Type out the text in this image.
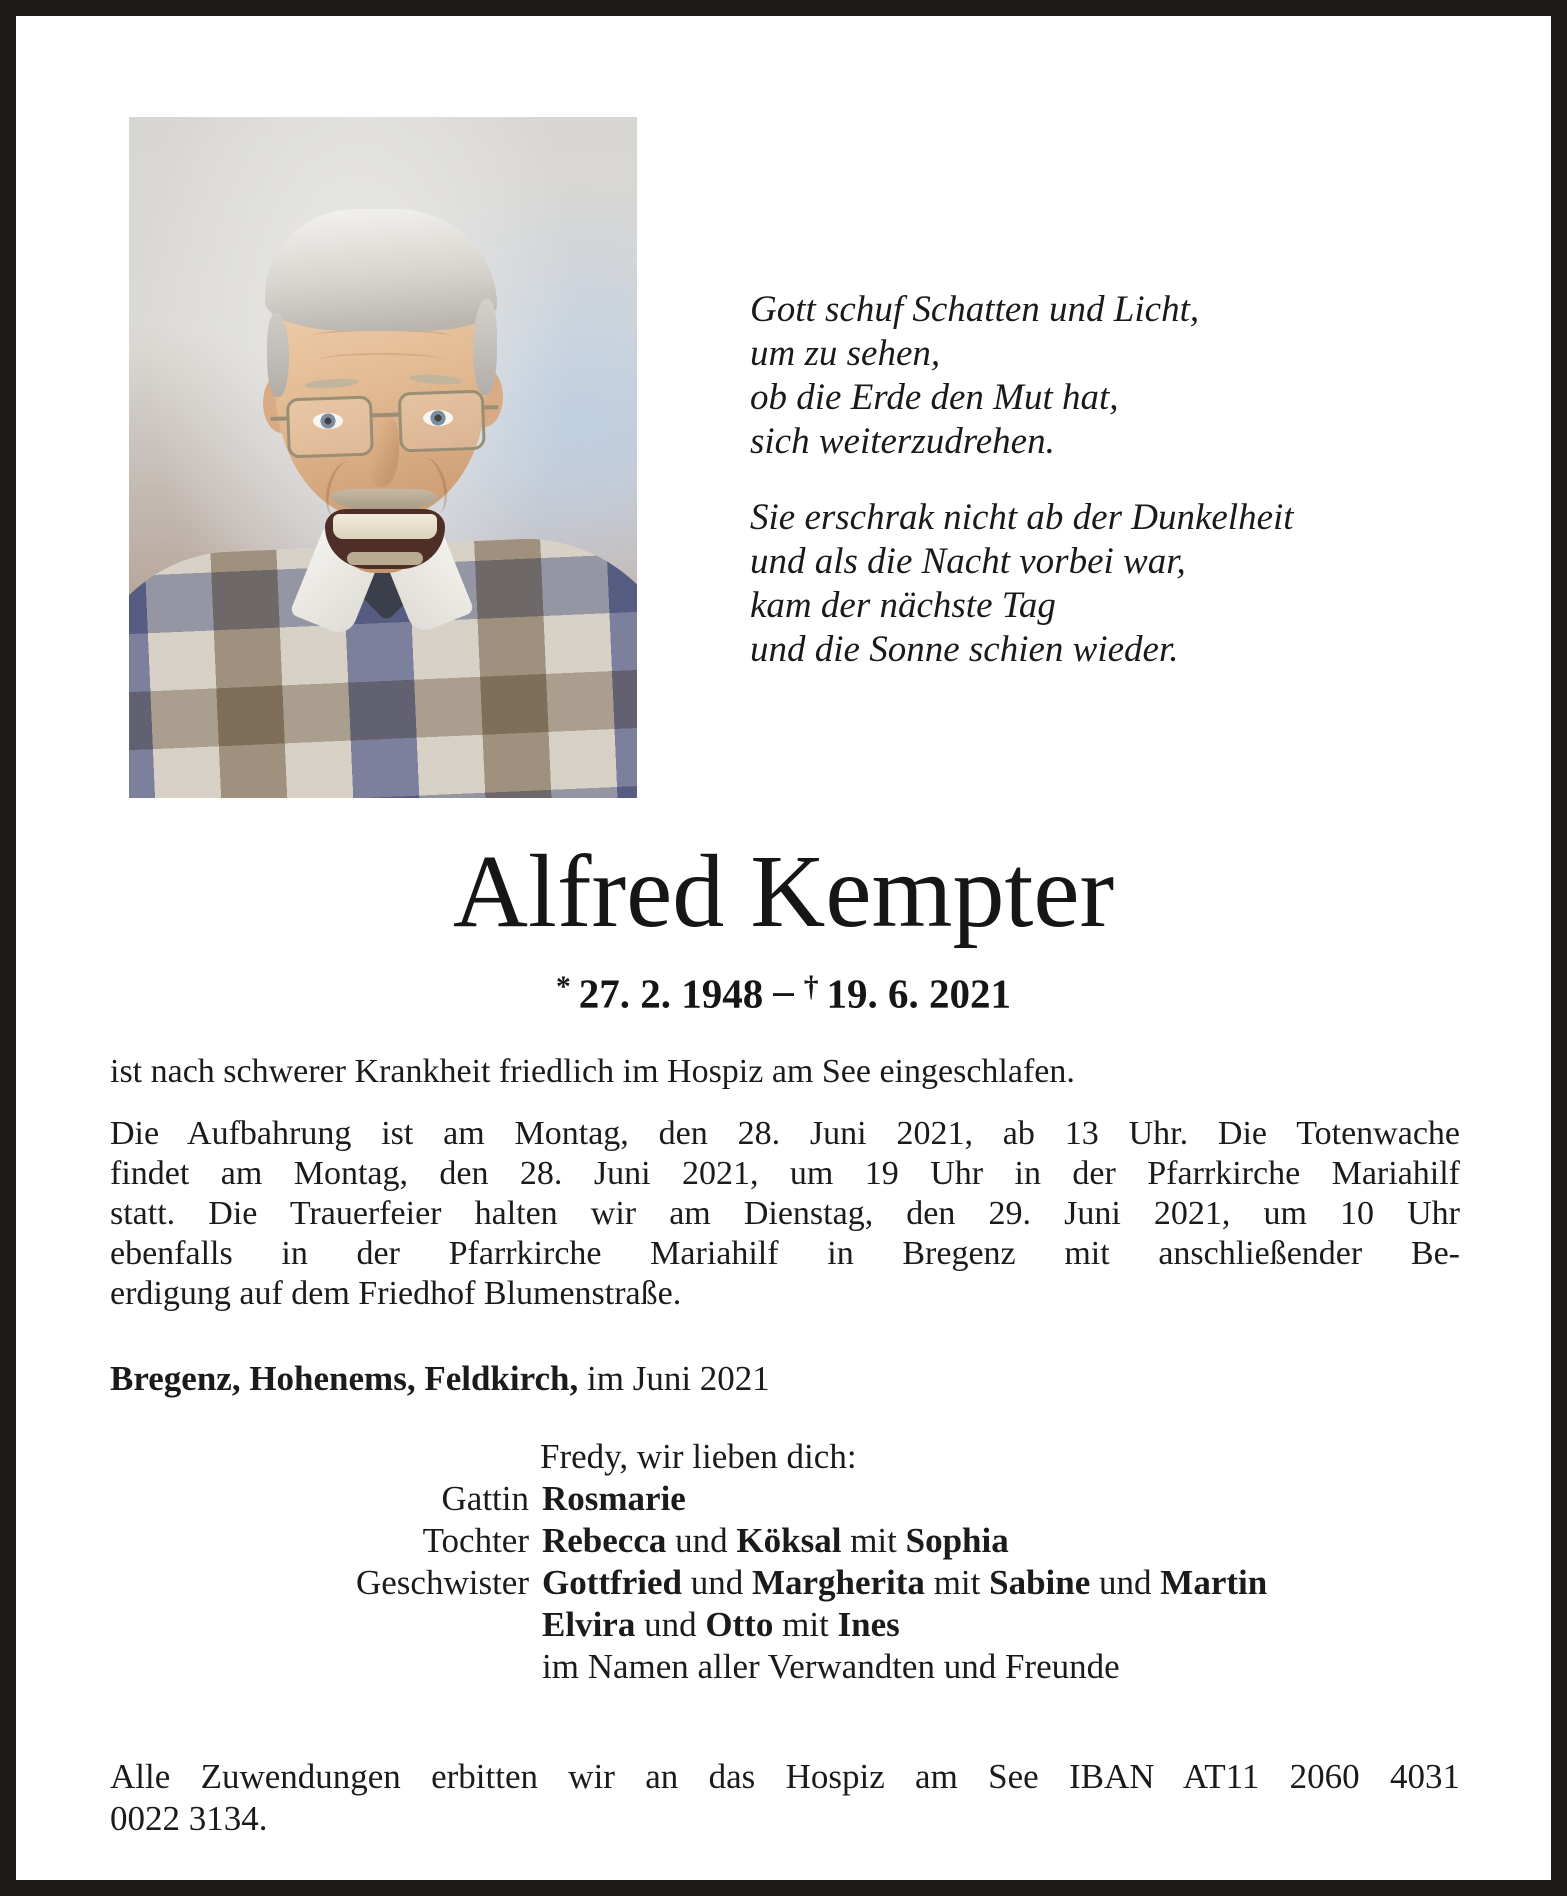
Gott schuf Schatten und Licht,
um zu sehen,
ob die Erde den Mut hat,
sich weiterzudrehen.
Sie erschrak nicht ab der Dunkelheit
und als die Nacht vorbei war,
kam der nächste Tag
und die Sonne schien wieder.
Alfred Kempter
* 27. 2. 1948 – † 19. 6. 2021
ist nach schwerer Krankheit friedlich im Hospiz am See eingeschlafen.
Die Aufbahrung ist am Montag, den 28. Juni 2021, ab 13 Uhr. Die Totenwache
findet am Montag, den 28. Juni 2021, um 19 Uhr in der Pfarrkirche Mariahilf
statt. Die Trauerfeier halten wir am Dienstag, den 29. Juni 2021, um 10 Uhr
ebenfalls in der Pfarrkirche Mariahilf in Bregenz mit anschließender Be-
erdigung auf dem Friedhof Blumenstraße.
Bregenz, Hohenems, Feldkirch, im Juni 2021
Fredy, wir lieben dich:
Gattin Rosmarie
Tochter Rebecca und Köksal mit Sophia
Geschwister Gottfried und Margherita mit Sabine und Martin
Elvira und Otto mit Ines
im Namen aller Verwandten und Freunde
Alle Zuwendungen erbitten wir an das Hospiz am See IBAN AT11 2060 4031
0022 3134.
